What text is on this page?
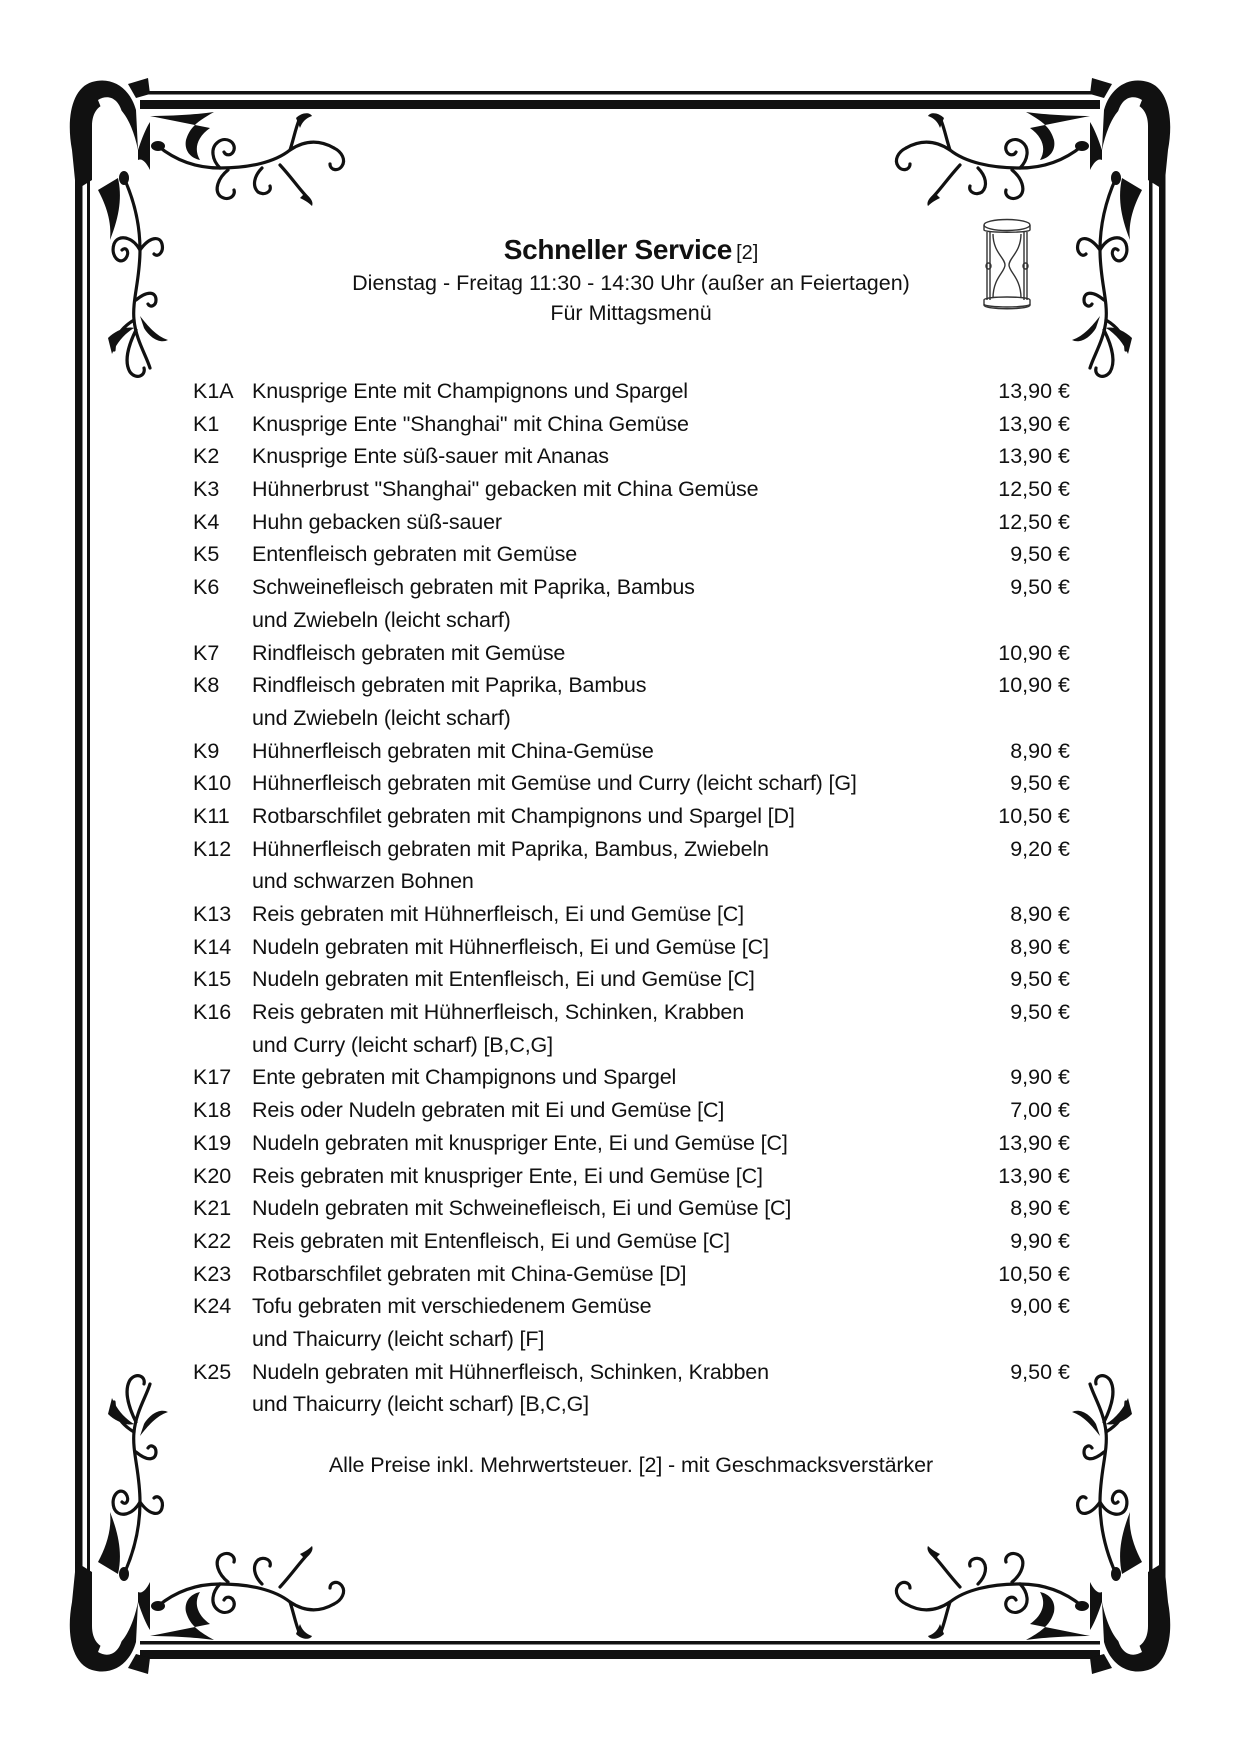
Schneller Service [2]
Dienstag - Freitag 11:30 - 14:30 Uhr (außer an Feiertagen)
Für Mittagsmenü
K1A Knusprige Ente mit Champignons und Spargel	13,90 €
K1	Knusprige Ente "Shanghai" mit China Gemüse	13,90 €
K2	Knusprige Ente süß-sauer mit Ananas	13,90 €
K3	Hühnerbrust "Shanghai" gebacken mit China Gemüse	12,50 €
K4	Huhn gebacken süß-sauer	12,50 €
K5	Entenfleisch gebraten mit Gemüse	9,50 €
K6	Schweinefleisch gebraten mit Paprika, Bambus	9,50 €
und Zwiebeln (leicht scharf)
K7	Rindfleisch gebraten mit Gemüse	10,90 €
K8	Rindfleisch gebraten mit Paprika, Bambus	10,90 €
und Zwiebeln (leicht scharf)
K9	Hühnerfleisch gebraten mit China-Gemüse	8,90 €
K10 Hühnerfleisch gebraten mit Gemüse und Curry (leicht scharf) [G]	9,50 €
K11	Rotbarschfilet gebraten mit Champignons und Spargel [D]	10,50 €
K12 Hühnerfleisch gebraten mit Paprika, Bambus, Zwiebeln	9,20 €
und schwarzen Bohnen
K13 Reis gebraten mit Hühnerfleisch, Ei und Gemüse [C]	8,90 €
K14 Nudeln gebraten mit Hühnerfleisch, Ei und Gemüse [C]	8,90 €
K15 Nudeln gebraten mit Entenfleisch, Ei und Gemüse [C]	9,50 €
K16 Reis gebraten mit Hühnerfleisch, Schinken, Krabben	9,50 €
und Curry (leicht scharf) [B,C,G]
K17 Ente gebraten mit Champignons und Spargel	9,90 €
K18 Reis oder Nudeln gebraten mit Ei und Gemüse [C]	7,00 €
K19 Nudeln gebraten mit knuspriger Ente, Ei und Gemüse [C]	13,90 €
K20 Reis gebraten mit knuspriger Ente, Ei und Gemüse [C]	13,90 €
K21 Nudeln gebraten mit Schweinefleisch, Ei und Gemüse [C]	8,90 €
K22 Reis gebraten mit Entenfleisch, Ei und Gemüse [C]	9,90 €
K23 Rotbarschfilet gebraten mit China-Gemüse [D]	10,50 €
K24 Tofu gebraten mit verschiedenem Gemüse	9,00 €
und Thaicurry (leicht scharf) [F]
K25 Nudeln gebraten mit Hühnerfleisch, Schinken, Krabben	9,50 €
und Thaicurry (leicht scharf) [B,C,G]
Alle Preise inkl. Mehrwertsteuer. [2] - mit Geschmacksverstärker
